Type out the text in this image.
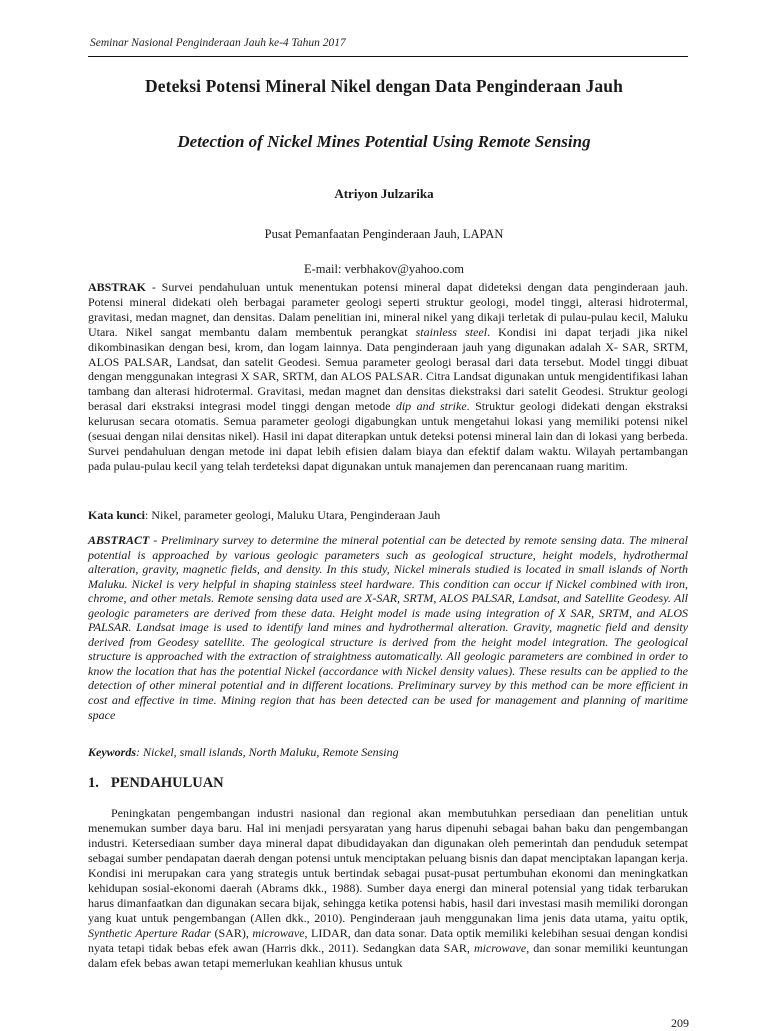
Seminar Nasional Penginderaan Jauh ke-4 Tahun 2017
Deteksi Potensi Mineral Nikel dengan Data Penginderaan Jauh
Detection of Nickel Mines Potential Using Remote Sensing
Atriyon Julzarika
Pusat Pemanfaatan Penginderaan Jauh, LAPAN
E-mail: verbhakov@yahoo.com

ABSTRAK - Survei pendahuluan untuk menentukan potensi mineral dapat dideteksi dengan data penginderaan jauh. Potensi mineral didekati oleh berbagai parameter geologi seperti struktur geologi, model tinggi, alterasi hidrotermal, gravitasi, medan magnet, dan densitas. Dalam penelitian ini, mineral nikel yang dikaji terletak di pulau-pulau kecil, Maluku Utara. Nikel sangat membantu dalam membentuk perangkat stainless steel. Kondisi ini dapat terjadi jika nikel dikombinasikan dengan besi, krom, dan logam lainnya. Data penginderaan jauh yang digunakan adalah X- SAR, SRTM, ALOS PALSAR, Landsat, dan satelit Geodesi. Semua parameter geologi berasal dari data tersebut. Model tinggi dibuat dengan menggunakan integrasi X SAR, SRTM, dan ALOS PALSAR. Citra Landsat digunakan untuk mengidentifikasi lahan tambang dan alterasi hidrotermal. Gravitasi, medan magnet dan densitas diekstraksi dari satelit Geodesi. Struktur geologi berasal dari ekstraksi integrasi model tinggi dengan metode dip and strike. Struktur geologi didekati dengan ekstraksi kelurusan secara otomatis. Semua parameter geologi digabungkan untuk mengetahui lokasi yang memiliki potensi nikel (sesuai dengan nilai densitas nikel). Hasil ini dapat diterapkan untuk deteksi potensi mineral lain dan di lokasi yang berbeda. Survei pendahuluan dengan metode ini dapat lebih efisien dalam biaya dan efektif dalam waktu. Wilayah pertambangan pada pulau-pulau kecil yang telah terdeteksi dapat digunakan untuk manajemen dan perencanaan ruang maritim.

Kata kunci: Nikel, parameter geologi, Maluku Utara, Penginderaan Jauh

ABSTRACT - Preliminary survey to determine the mineral potential can be detected by remote sensing data. The mineral potential is approached by various geologic parameters such as geological structure, height models, hydrothermal alteration, gravity, magnetic fields, and density. In this study, Nickel minerals studied is located in small islands of North Maluku. Nickel is very helpful in shaping stainless steel hardware. This condition can occur if Nickel combined with iron, chrome, and other metals. Remote sensing data used are X-SAR, SRTM, ALOS PALSAR, Landsat, and Satellite Geodesy. All geologic parameters are derived from these data. Height model is made using integration of X SAR, SRTM, and ALOS PALSAR. Landsat image is used to identify land mines and hydrothermal alteration. Gravity, magnetic field and density derived from Geodesy satellite. The geological structure is derived from the height model integration. The geological structure is approached with the extraction of straightness automatically. All geologic parameters are combined in order to know the location that has the potential Nickel (accordance with Nickel density values). These results can be applied to the detection of other mineral potential and in different locations. Preliminary survey by this method can be more efficient in cost and effective in time. Mining region that has been detected can be used for management and planning of maritime space

Keywords: Nickel, small islands, North Maluku, Remote Sensing

1. PENDAHULUAN

Peningkatan pengembangan industri nasional dan regional akan membutuhkan persediaan dan penelitian untuk menemukan sumber daya baru. Hal ini menjadi persyaratan yang harus dipenuhi sebagai bahan baku dan pengembangan industri. Ketersediaan sumber daya mineral dapat dibudidayakan dan digunakan oleh pemerintah dan penduduk setempat sebagai sumber pendapatan daerah dengan potensi untuk menciptakan peluang bisnis dan dapat menciptakan lapangan kerja. Kondisi ini merupakan cara yang strategis untuk bertindak sebagai pusat-pusat pertumbuhan ekonomi dan meningkatkan kehidupan sosial-ekonomi daerah (Abrams dkk., 1988). Sumber daya energi dan mineral potensial yang tidak terbarukan harus dimanfaatkan dan digunakan secara bijak, sehingga ketika potensi habis, hasil dari investasi masih memiliki dorongan yang kuat untuk pengembangan (Allen dkk., 2010). Penginderaan jauh menggunakan lima jenis data utama, yaitu optik, Synthetic Aperture Radar (SAR), microwave, LIDAR, dan data sonar. Data optik memiliki kelebihan sesuai dengan kondisi nyata tetapi tidak bebas efek awan (Harris dkk., 2011). Sedangkan data SAR, microwave, dan sonar memiliki keuntungan dalam efek bebas awan tetapi memerlukan keahlian khusus untuk

209
